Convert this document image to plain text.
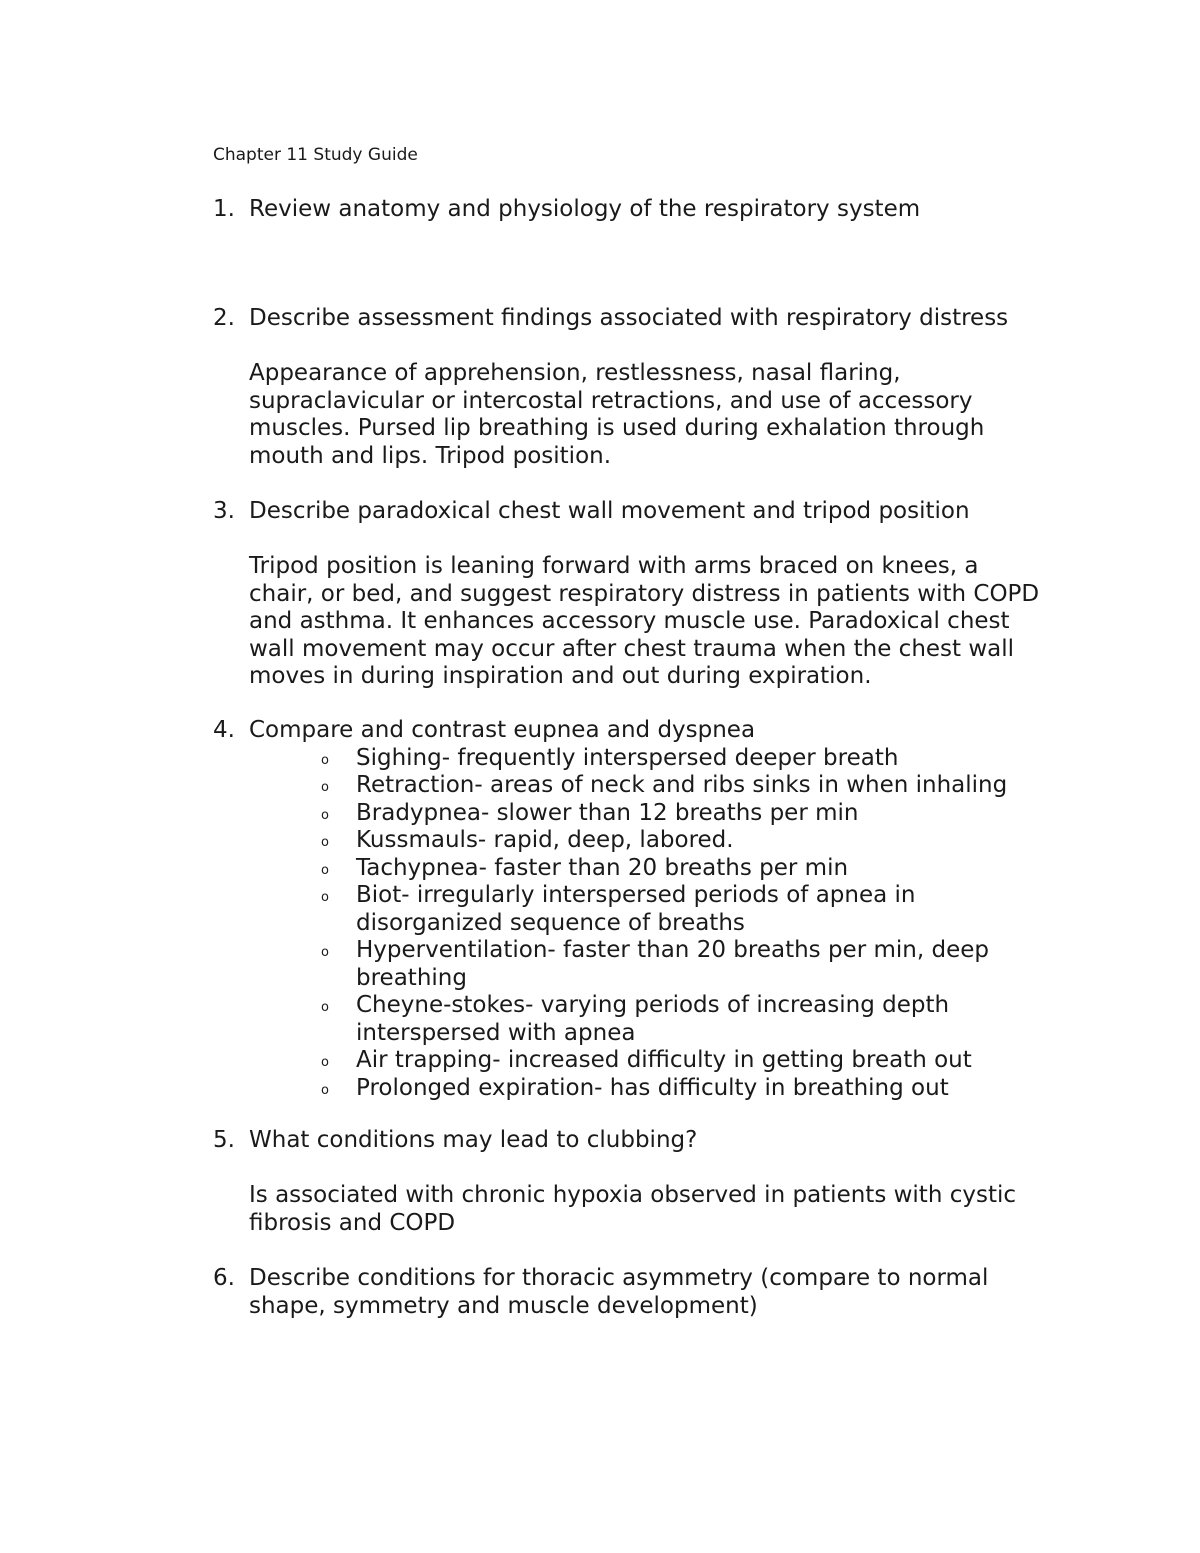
Chapter 11 Study Guide
1. Review anatomy and physiology of the respiratory system
2. Describe assessment findings associated with respiratory distress
Appearance of apprehension, restlessness, nasal flaring,
supraclavicular or intercostal retractions, and use of accessory
muscles. Pursed lip breathing is used during exhalation through
mouth and lips. Tripod position.
3. Describe paradoxical chest wall movement and tripod position
Tripod position is leaning forward with arms braced on knees, a
chair, or bed, and suggest respiratory distress in patients with COPD
and asthma. It enhances accessory muscle use. Paradoxical chest
wall movement may occur after chest trauma when the chest wall
moves in during inspiration and out during expiration.
4. Compare and contrast eupnea and dyspnea
o Sighing- frequently interspersed deeper breath
o Retraction- areas of neck and ribs sinks in when inhaling
o Bradypnea- slower than 12 breaths per min
o Kussmauls- rapid, deep, labored.
o Tachypnea- faster than 20 breaths per min
o Biot- irregularly interspersed periods of apnea in
disorganized sequence of breaths
o Hyperventilation- faster than 20 breaths per min, deep
breathing
o Cheyne-stokes- varying periods of increasing depth
interspersed with apnea
o Air trapping- increased difficulty in getting breath out
o Prolonged expiration- has difficulty in breathing out
5. What conditions may lead to clubbing?
Is associated with chronic hypoxia observed in patients with cystic
fibrosis and COPD
6. Describe conditions for thoracic asymmetry (compare to normal
shape, symmetry and muscle development)
